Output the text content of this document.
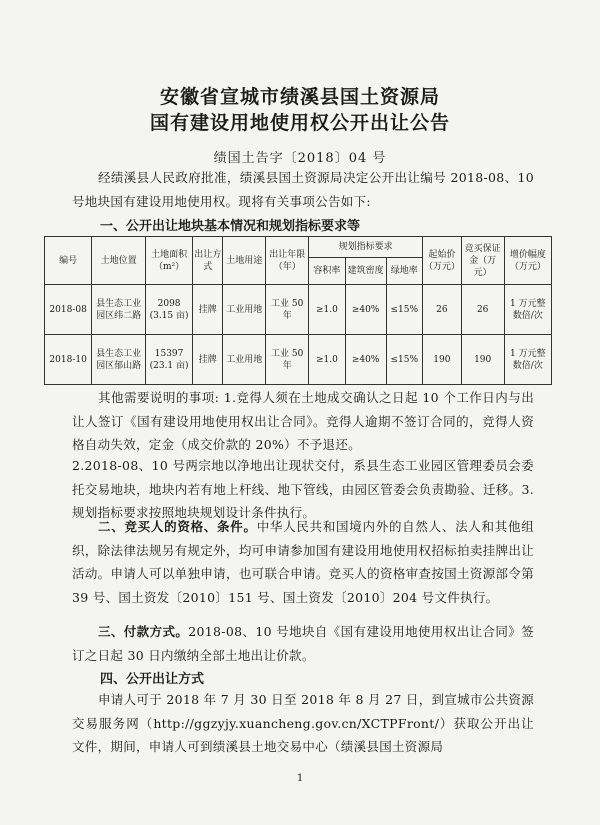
安徽省宣城市绩溪县国土资源局
国有建设用地使用权公开出让公告
绩国土告字〔2018〕04 号

经绩溪县人民政府批准，绩溪县国土资源局决定公开出让编号 2018-08、10 号地块国有建设用地使用权。现将有关事项公告如下:

一、公开出让地块基本情况和规划指标要求等
编号	土地位置	土地面积（m²）	出让方式	土地用途	出让年限（年）	规划指标要求			起始价（万元）	竞买保证金（万元）	增价幅度（万元）
						容积率	建筑密度	绿地率			
2018-08	县生态工业园区纬二路	2098
(3.15 亩)	挂牌	工业用地	工业 50 年	≥1.0	≥40%	≤15%	26	26	1 万元整数倍/次
2018-10	县生态工业园区郁山路	15397
(23.1 亩)	挂牌	工业用地	工业 50 年	≥1.0	≥40%	≤15%	190	190	1 万元整数倍/次

其他需要说明的事项: 1.竞得人须在土地成交确认之日起 10 个工作日内与出让人签订《国有建设用地使用权出让合同》。竞得人逾期不签订合同的，竞得人资格自动失效，定金（成交价款的 20%）不予退还。

2.2018-08、10 号两宗地以净地出让现状交付，系县生态工业园区管理委员会委托交易地块，地块内若有地上杆线、地下管线，由园区管委会负责勘验、迁移。3.规划指标要求按照地块规划设计条件执行。

二、竞买人的资格、条件。中华人民共和国境内外的自然人、法人和其他组织，除法律法规另有规定外，均可申请参加国有建设用地使用权招标拍卖挂牌出让活动。申请人可以单独申请，也可联合申请。竞买人的资格审查按国土资源部令第 39 号、国土资发〔2010〕151 号、国土资发〔2010〕204 号文件执行。

三、付款方式。2018-08、10 号地块自《国有建设用地使用权出让合同》签订之日起 30 日内缴纳全部土地出让价款。

四、公开出让方式

申请人可于 2018 年 7 月 30 日至 2018 年 8 月 27 日，到宣城市公共资源交易服务网（http://ggzyjy.xuancheng.gov.cn/XCTPFront/）获取公开出让文件，期间，申请人可到绩溪县土地交易中心（绩溪县国土资源局

1
